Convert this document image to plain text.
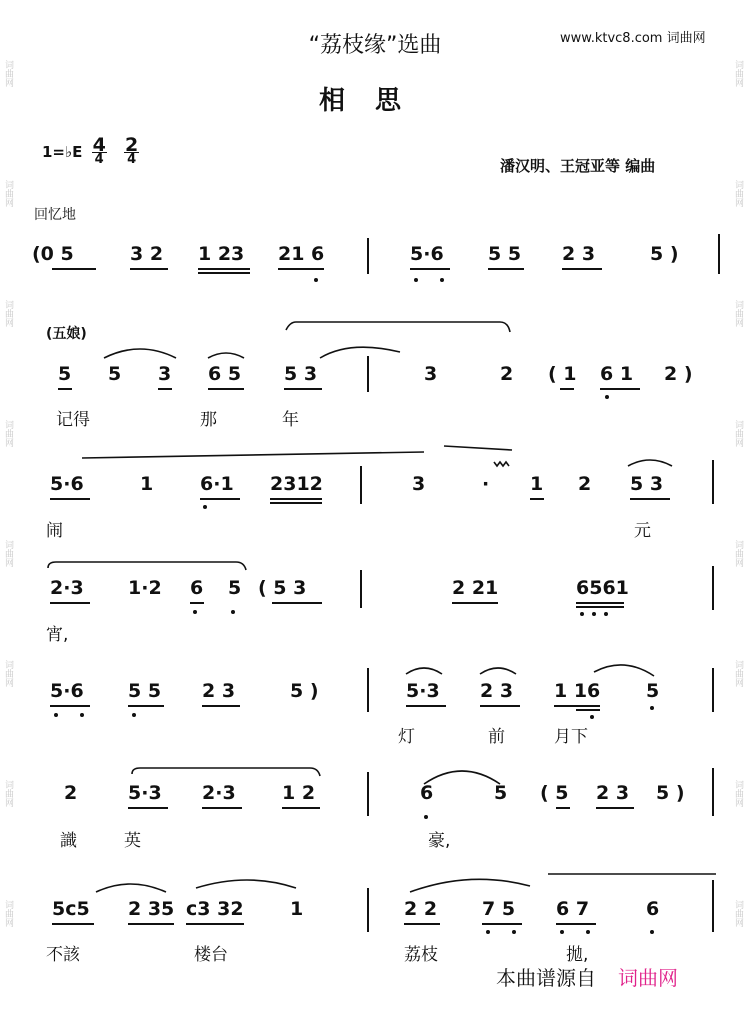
词曲网
词曲网
词曲网
词曲网
词曲网
词曲网
词曲网
词曲网
词曲网
词曲网
词曲网
词曲网
词曲网
词曲网
词曲网
词曲网
“荔枝缘”选曲	www.ktvc8.com 词曲网
相思
1=♭E $\frac{4}{4} \frac{2}{4}$	潘汉明、王冠亚等 编曲
回忆地
(五娘)
(0 5	3 2 1 23 21 6	5·6 5 5 2 3	5 )
5 5 3 6 5 5 3	3	2 ( 1 6 1 2 )
记得	那	年
5·6	1 6·1 2312	3	· 1 2 5 3
闹	元
2·3 1·2 6 5 ( 5 3	2 21	6561
宵,
5·6 5 5 2 3	5 )	5·3 2 3 1 16 5
灯	前	月下
2	5·3 2·3 1 2	6	5 ( 5 2 3 5 )
識	英	豪,
5c5 2 35 c3 32 1	2 2 7 5 6 7	6
不該	楼台	荔枝	拋,
本曲谱源自 词曲网
